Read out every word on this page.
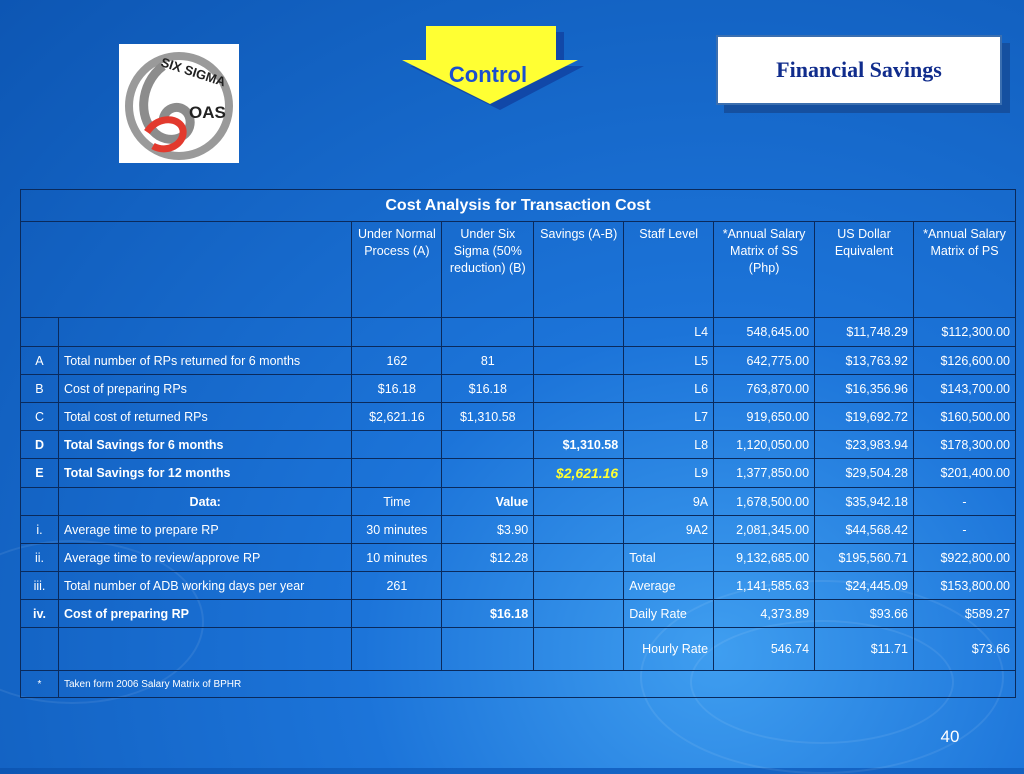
SIX SIGMA
OAS
Control	Financial Savings
Cost Analysis for Transaction Cost								
		Under Normal Process (A)	Under Six Sigma (50% reduction) (B)	Savings (A-B)	Staff Level	*Annual Salary Matrix of SS (Php)	US Dollar Equivalent	*Annual Salary Matrix of PS
					L4	548,645.00	$11,748.29	$112,300.00
A	Total number of RPs returned for 6 months	162	81		L5	642,775.00	$13,763.92	$126,600.00
B	Cost of preparing RPs	$16.18	$16.18		L6	763,870.00	$16,356.96	$143,700.00
C	Total cost of returned RPs	$2,621.16	$1,310.58		L7	919,650.00	$19,692.72	$160,500.00
D	Total Savings for 6 months			$1,310.58	L8	1,120,050.00	$23,983.94	$178,300.00
E	Total Savings for 12 months			$2,621.16	L9	1,377,850.00	$29,504.28	$201,400.00
	Data:	Time	Value		9A	1,678,500.00	$35,942.18	-
i.	Average time to prepare RP	30 minutes	$3.90		9A2	2,081,345.00	$44,568.42	-
ii.	Average time to review/approve RP	10 minutes	$12.28		Total	9,132,685.00	$195,560.71	$922,800.00
iii.	Total number of ADB working days per year	261			Average	1,141,585.63	$24,445.09	$153,800.00
iv.	Cost of preparing RP		$16.18		Daily Rate	4,373.89	$93.66	$589.27
					Hourly Rate	546.74	$11.71	$73.66
*	Taken form 2006 Salary Matrix of BPHR							
40
